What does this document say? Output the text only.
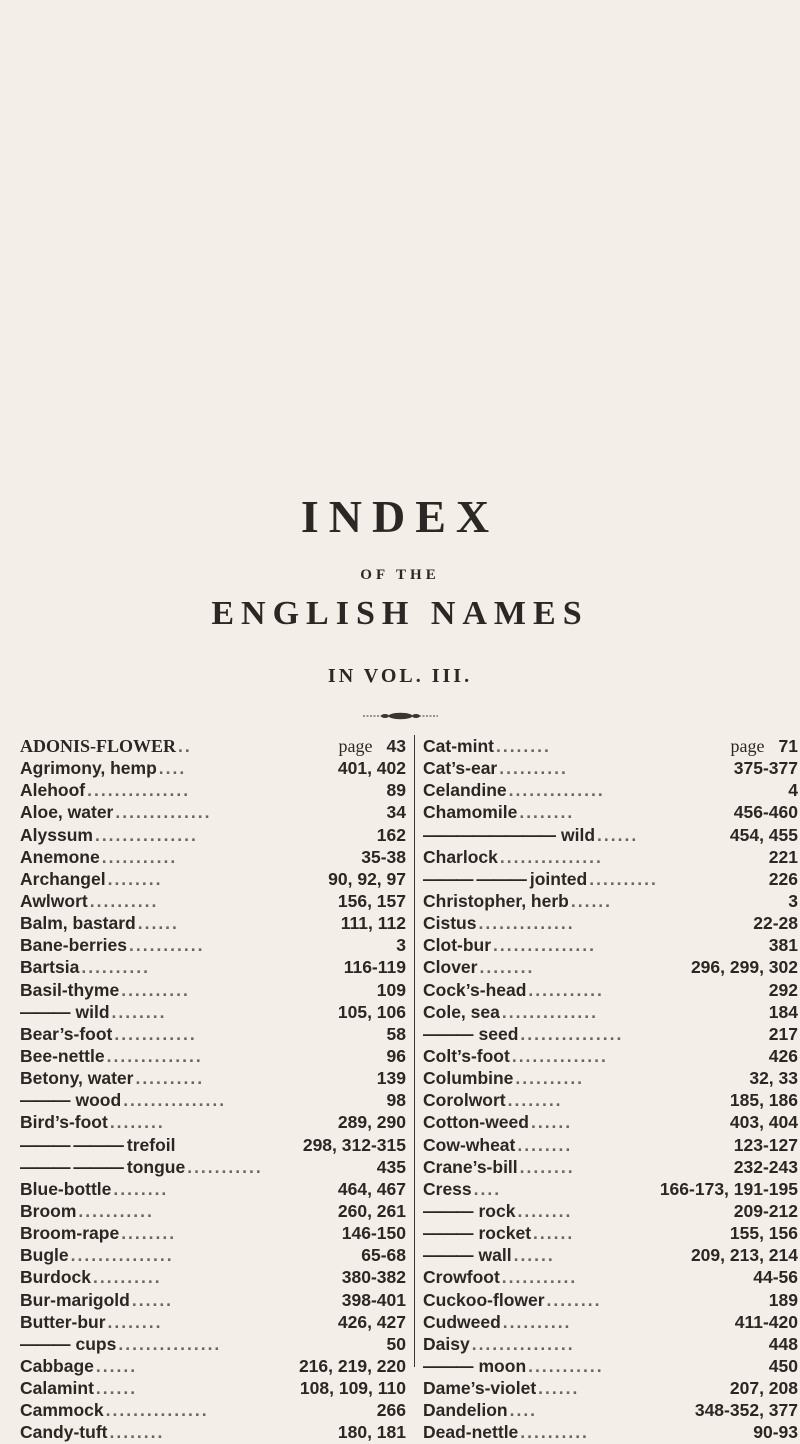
INDEX
OF THE
ENGLISH NAMES
IN VOL. III.
ADONIS-FLOWER ..	page 43
Agrimony, hemp ....	401, 402
Alehoof ...............	89
Aloe, water ..............	34
Alyssum ...............	162
Anemone ...........	35-38
Archangel ........	90, 92, 97
Awlwort ..........	156, 157
Balm, bastard ......	111, 112
Bane-berries ...........	3
Bartsia ..........	116-119
Basil-thyme ..........	109
——— wild ........	105, 106
Bear’s-foot ............	58
Bee-nettle ..............	96
Betony, water ..........	139
——— wood ...............	98
Bird’s-foot ........	289, 290
——— ——— trefoil	298, 312-315
——— ——— tongue ...........	435
Blue-bottle ........	464, 467
Broom ...........	260, 261
Broom-rape ........	146-150
Bugle ...............	65-68
Burdock ..........	380-382
Bur-marigold ......	398-401
Butter-bur ........	426, 427
——— cups ...............	50
Cabbage ......	216, 219, 220
Calamint ......	108, 109, 110
Cammock ...............	266
Candy-tuft ........	180, 181
Cat-mint ........	page 71
Cat’s-ear ..........	375-377
Celandine ..............	4
Chamomile ........	456-460
———————— wild ......	454, 455
Charlock ...............	221
——— ——— jointed ..........	226
Christopher, herb ......	3
Cistus ..............	22-28
Clot-bur ...............	381
Clover ........	296, 299, 302
Cock’s-head ...........	292
Cole, sea ..............	184
——— seed ...............	217
Colt’s-foot ..............	426
Columbine ..........	32, 33
Corolwort ........	185, 186
Cotton-weed ......	403, 404
Cow-wheat ........	123-127
Crane’s-bill ........	232-243
Cress ....	166-173, 191-195
——— rock ........	209-212
——— rocket ......	155, 156
——— wall ......	209, 213, 214
Crowfoot ...........	44-56
Cuckoo-flower ........	189
Cudweed ..........	411-420
Daisy ...............	448
——— moon ...........	450
Dame’s-violet ......	207, 208
Dandelion ....	348-352, 377
Dead-nettle ..........	90-93
